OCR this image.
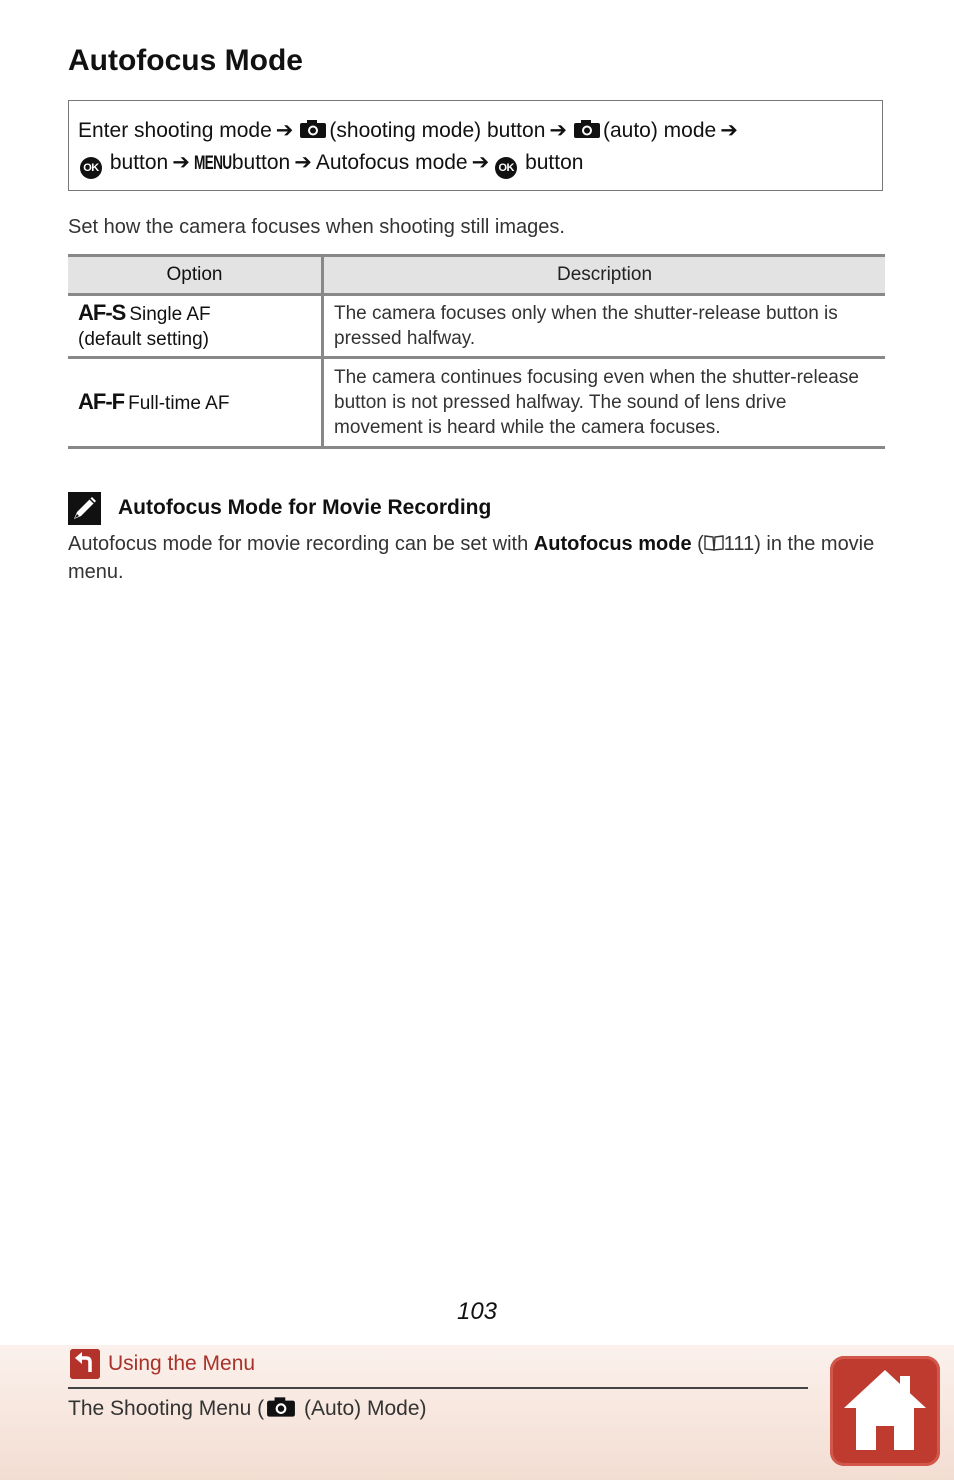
Autofocus Mode
Enter shooting mode ➔ (shooting mode) button ➔ (auto) mode ➔
OK button ➔ MENUbutton ➔ Autofocus mode ➔ OK button
Set how the camera focuses when shooting still images.
Option	Description
AF-S Single AF
(default setting)	The camera focuses only when the shutter-release button is pressed halfway.
AF-F Full-time AF	The camera continues focusing even when the shutter-release button is not pressed halfway. The sound of lens drive movement is heard while the camera focuses.
Autofocus Mode for Movie Recording
Autofocus mode for movie recording can be set with Autofocus mode ( 111) in the movie menu.
103
Using the Menu
The Shooting Menu ( (Auto) Mode)
